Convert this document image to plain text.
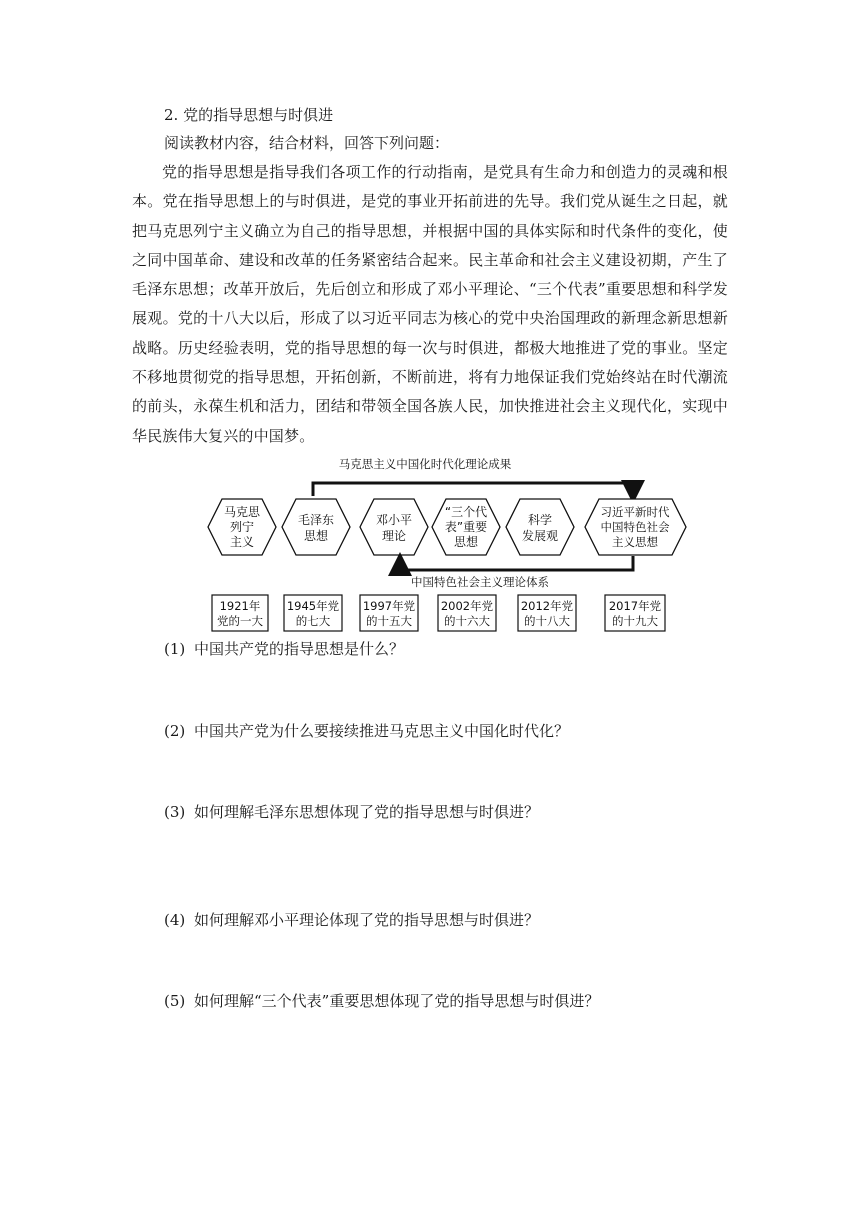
2. 党的指导思想与时俱进
阅读教材内容，结合材料，回答下列问题：

党的指导思想是指导我们各项工作的行动指南，是党具有生命力和创造力的灵魂和根本。党在指导思想上的与时俱进，是党的事业开拓前进的先导。我们党从诞生之日起，就把马克思列宁主义确立为自己的指导思想，并根据中国的具体实际和时代条件的变化，使之同中国革命、建设和改革的任务紧密结合起来。民主革命和社会主义建设初期，产生了毛泽东思想；改革开放后，先后创立和形成了邓小平理论、“三个代表”重要思想和科学发展观。党的十八大以后，形成了以习近平同志为核心的党中央治国理政的新理念新思想新战略。历史经验表明，党的指导思想的每一次与时俱进，都极大地推进了党的事业。坚定不移地贯彻党的指导思想，开拓创新，不断前进，将有力地保证我们党始终站在时代潮流的前头，永葆生机和活力，团结和带领全国各族人民，加快推进社会主义现代化，实现中华民族伟大复兴的中国梦。

马克思主义中国化时代化理论成果
马克思
列宁
主义
毛泽东
思想
邓小平
理论
“三个代
表”重要
思想
科学
发展观
习近平新时代
中国特色社会
主义思想
中国特色社会主义理论体系
1921年
党的一大
1945年党
的七大
1997年党
的十五大
2002年党
的十六大
2012年党
的十八大
2017年党
的十九大
(1) 中国共产党的指导思想是什么？
(2) 中国共产党为什么要接续推进马克思主义中国化时代化？
(3) 如何理解毛泽东思想体现了党的指导思想与时俱进？
(4) 如何理解邓小平理论体现了党的指导思想与时俱进？
(5) 如何理解“三个代表”重要思想体现了党的指导思想与时俱进？
